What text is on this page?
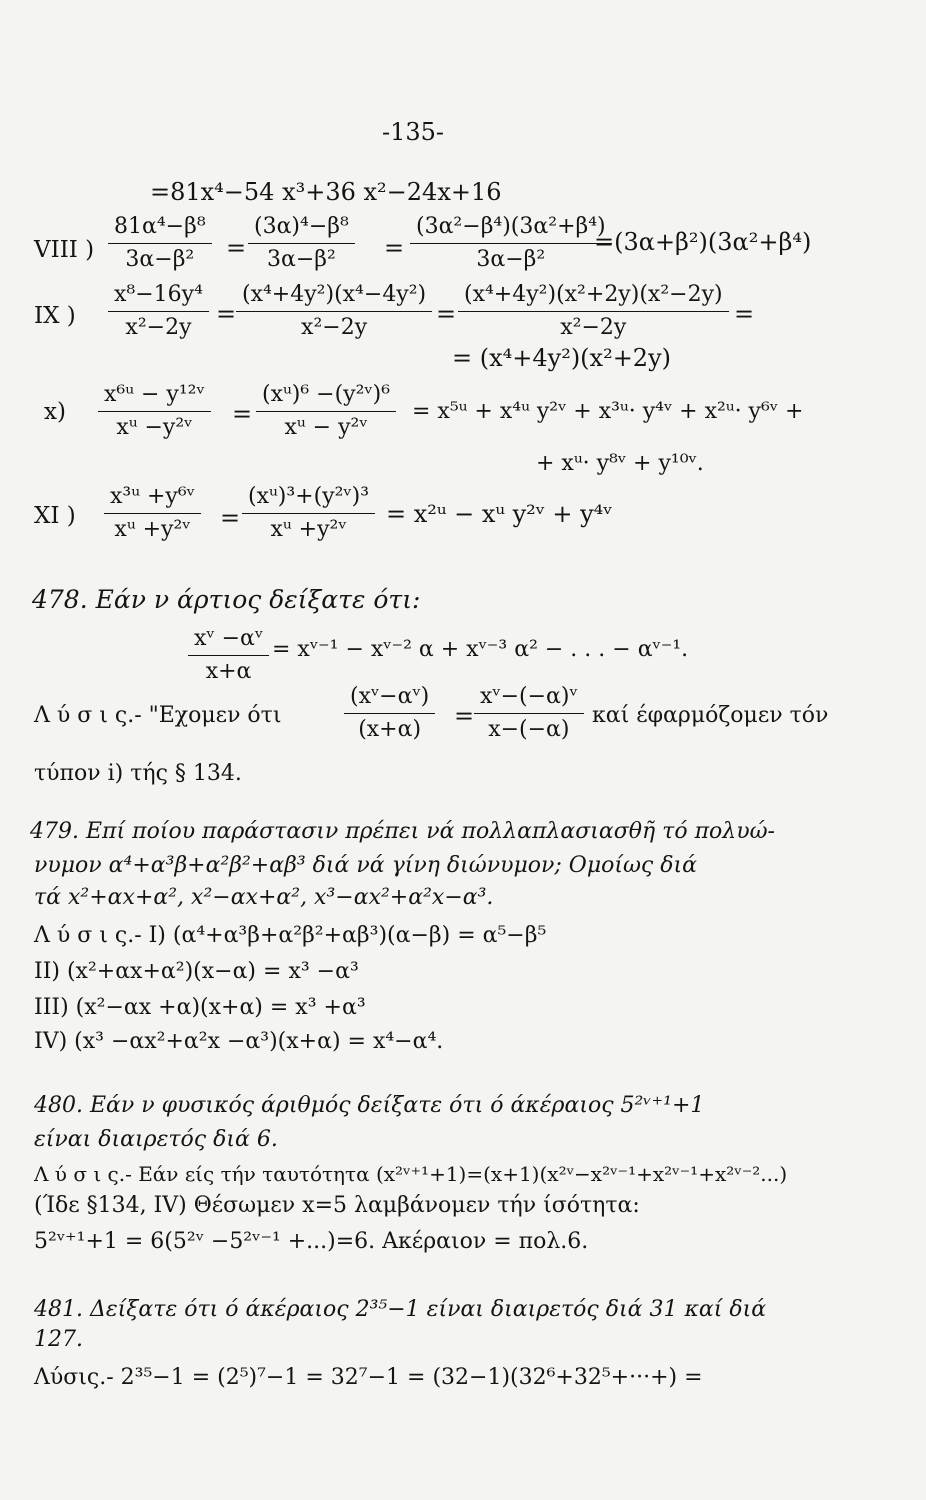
-135-
=81x⁴−54 x³+36 x²−24x+16
VIII ) $\frac{\text{81α⁴−β⁸}}{\text{3α−β²}} = \frac{\text{(3α)⁴−β⁸}}{\text{3α−β²}} = \frac{\text{(3α²−β⁴)(3α²+β⁴)}}{\text{3α−β²}}$
=(3α+β²)(3α²+β⁴)
IX ) $\frac{\text{x⁸−16y⁴}}{\text{x²−2y}} = \frac{\text{(x⁴+4y²)(x⁴−4y²)}}{\text{x²−2y}} = \frac{\text{(x⁴+4y²)(x²+2y)(x²−2y)}}{\text{x²−2y}}$ =
= (x⁴+4y²)(x²+2y)
$x) \frac{\text{x⁶ᵘ − y¹²ᵛ}}{\text{xᵘ −y²ᵛ}} = \frac{\text{(xᵘ)⁶ −(y²ᵛ)⁶}}{\text{xᵘ − y²ᵛ}}$ = x⁵ᵘ + x⁴ᵘ y²ᵛ + x³ᵘ· y⁴ᵛ + x²ᵘ· y⁶ᵛ +
+ xᵘ· y⁸ᵛ + y¹⁰ᵛ.
XI ) $\frac{\text{x³ᵘ +y⁶ᵛ}}{\text{xᵘ +y²ᵛ}} = \frac{\text{(xᵘ)³+(y²ᵛ)³}}{\text{xᵘ +y²ᵛ}}$ = x²ᵘ − xᵘ y²ᵛ + y⁴ᵛ
478. Εάν ν άρτιος δείξατε ότι:
$\frac{\text{xᵛ −αᵛ}}{x+\alpha}$ = xᵛ⁻¹ − xᵛ⁻² α + xᵛ⁻³ α² − . . . − αᵛ⁻¹.
Λ ύ σ ι ς.- "Εχομεν ότι	$\frac{\text{(xᵛ−αᵛ)}}{(x+\alpha)} = \frac{\text{xᵛ−(−α)ᵛ}}{x-(-\alpha)}$ καί έφαρμόζομεν τόν
τύπον i) τής § 134.
479. Επί ποίου παράστασιν πρέπει νά πολλαπλασιασθῆ τό πολυώ-
νυμον α⁴+α³β+α²β²+αβ³ διά νά γίνη διώνυμον; Ομοίως διά
τά x²+αx+α², x²−αx+α², x³−αx²+α²x−α³.
Λ ύ σ ι ς.- I) (α⁴+α³β+α²β²+αβ³)(α−β) = α⁵−β⁵
II) (x²+αx+α²)(x−α) = x³ −α³
III) (x²−αx +α)(x+α) = x³ +α³
IV) (x³ −αx²+α²x −α³)(x+α) = x⁴−α⁴.
480. Εάν ν φυσικός άριθμός δείξατε ότι ό άκέραιος 5²ᵛ⁺¹+1
είναι διαιρετός διά 6.
Λ ύ σ ι ς.- Εάν είς τήν ταυτότητα (x²ᵛ⁺¹+1)=(x+1)(x²ᵛ−x²ᵛ⁻¹+x²ᵛ⁻¹+x²ᵛ⁻²...)
(Ίδε §134, IV) Θέσωμεν x=5 λαμβάνομεν τήν ίσότητα:
5²ᵛ⁺¹+1 = 6(5²ᵛ −5²ᵛ⁻¹ +...)=6. Ακέραιον = πολ.6.
481. Δείξατε ότι ό άκέραιος 2³⁵−1 είναι διαιρετός διά 31 καί διά
127.
Λύσις.- 2³⁵−1 = (2⁵)⁷−1 = 32⁷−1 = (32−1)(32⁶+32⁵+···+) =
